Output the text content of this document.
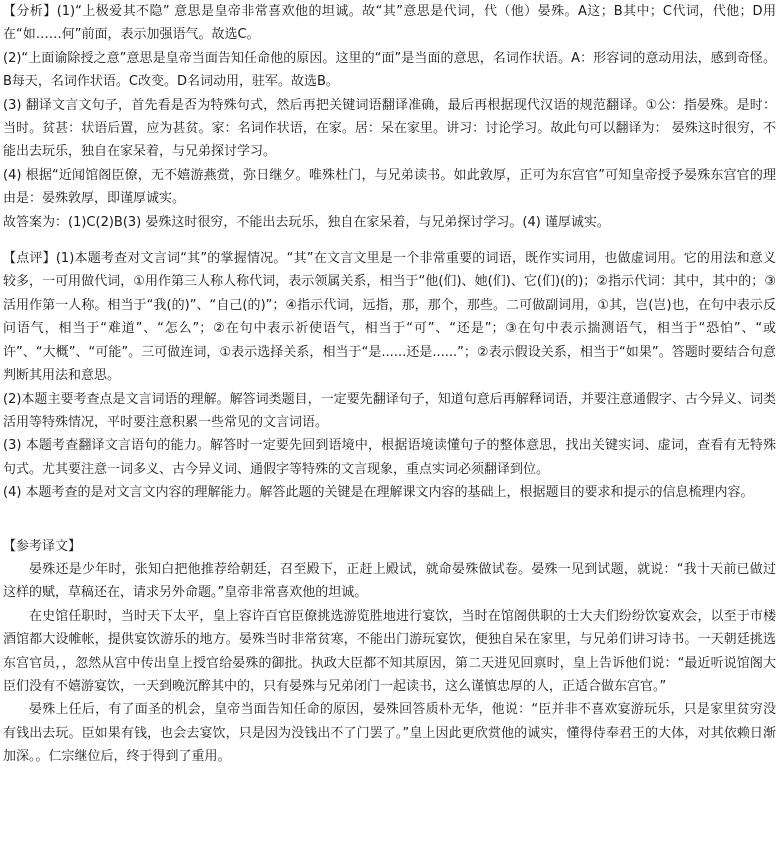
【分析】(1)“上极爱其不隐” 意思是皇帝非常喜欢他的坦诚。故“其”意思是代词，代（他）晏殊。A这；B其中；C代词，代他；D用在“如……何”前面，表示加强语气。故选C。

(2)“上面谕除授之意”意思是皇帝当面告知任命他的原因。这里的“面”是当面的意思，名词作状语。A：形容词的意动用法，感到奇怪。B每天，名词作状语。C改变。D名词动用，驻军。故选B。

(3) 翻译文言文句子，首先看是否为特殊句式，然后再把关键词语翻译准确，最后再根据现代汉语的规范翻译。①公：指晏殊。是时：当时。贫甚：状语后置，应为甚贫。家：名词作状语，在家。居：呆在家里。讲习：讨论学习。故此句可以翻译为： 晏殊这时很穷，不能出去玩乐，独自在家呆着，与兄弟探讨学习。

(4) 根据“近闻馆阁臣僚，无不嬉游燕赏，弥日继夕。唯殊杜门，与兄弟读书。如此敦厚，正可为东宫官”可知皇帝授予晏殊东宫官的理由是：晏殊敦厚，即谨厚诚实。

故答案为：(1)C(2)B(3) 晏殊这时很穷，不能出去玩乐，独自在家呆着，与兄弟探讨学习。(4) 谨厚诚实。

【点评】(1)本题考查对文言词“其”的掌握情况。“其”在文言文里是一个非常重要的词语，既作实词用，也做虚词用。它的用法和意义较多，一可用做代词，①用作第三人称人称代词，表示领属关系，相当于“他(们)、她(们)、它(们)(的)；②指示代词：其中，其中的；③活用作第一人称。相当于“我(的)”、“自己(的)”；④指示代词，远指，那，那个，那些。二可做副词用，①其，岂(岂)也，在句中表示反问语气，相当于“难道”、“怎么”；②在句中表示祈使语气，相当于“可”、“还是”；③在句中表示揣测语气，相当于“恐怕”、“或许”、“大概”、“可能”。三可做连词，①表示选择关系，相当于“是......还是......”；②表示假设关系，相当于“如果”。答题时要结合句意判断其用法和意思。

(2)本题主要考查点是文言词语的理解。解答词类题目，一定要先翻译句子，知道句意后再解释词语，并要注意通假字、古今异义、词类活用等特殊情况，平时要注意积累一些常见的文言词语。

(3) 本题考查翻译文言语句的能力。解答时一定要先回到语境中，根据语境读懂句子的整体意思，找出关键实词、虚词，查看有无特殊句式。尤其要注意一词多义、古今异义词、通假字等特殊的文言现象，重点实词必须翻译到位。

(4) 本题考查的是对文言文内容的理解能力。解答此题的关键是在理解课文内容的基础上，根据题目的要求和提示的信息梳理内容。

【参考译文】

晏殊还是少年时，张知白把他推荐给朝廷，召至殿下，正赶上殿试，就命晏殊做试卷。晏殊一见到试题，就说：“我十天前已做过这样的赋，草稿还在，请求另外命题。”皇帝非常喜欢他的坦诚。

在史馆任职时，当时天下太平，皇上容许百官臣僚挑选游览胜地进行宴饮，当时在馆阁供职的士大夫们纷纷饮宴欢会，以至于市楼酒馆都大设帷帐，提供宴饮游乐的地方。晏殊当时非常贫寒，不能出门游玩宴饮，便独自呆在家里，与兄弟们讲习诗书。一天朝廷挑选东宫官员，，忽然从宫中传出皇上授官给晏殊的御批。执政大臣都不知其原因，第二天进见回禀时，皇上告诉他们说：“最近听说馆阁大臣们没有不嬉游宴饮，一天到晚沉醉其中的，只有晏殊与兄弟闭门一起读书，这么谨慎忠厚的人，正适合做东宫官。”

晏殊上任后，有了面圣的机会，皇帝当面告知任命的原因，晏殊回答质朴无华，他说：“臣并非不喜欢宴游玩乐，只是家里贫穷没有钱出去玩。臣如果有钱，也会去宴饮，只是因为没钱出不了门罢了。”皇上因此更欣赏他的诚实，懂得侍奉君王的大体，对其依赖日渐加深。。仁宗继位后，终于得到了重用。
